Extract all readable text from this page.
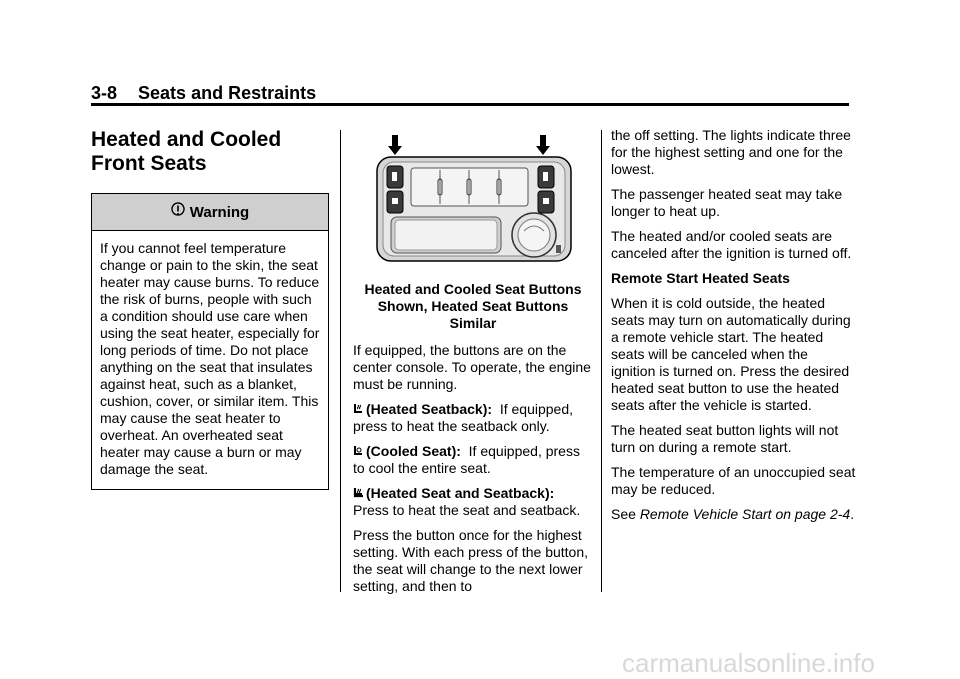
3-8 Seats and Restraints
Heated and Cooled Front Seats
Warning
If you cannot feel temperature change or pain to the skin, the seat heater may cause burns. To reduce the risk of burns, people with such a condition should use care when using the seat heater, especially for long periods of time. Do not place anything on the seat that insulates against heat, such as a blanket, cushion, cover, or similar item. This may cause the seat heater to overheat. An overheated seat heater may cause a burn or may damage the seat.
Heated and Cooled Seat Buttons Shown, Heated Seat Buttons Similar

If equipped, the buttons are on the center console. To operate, the engine must be running.

(Heated Seatback): If equipped, press to heat the seatback only.

(Cooled Seat): If equipped, press to cool the entire seat.

(Heated Seat and Seatback): Press to heat the seat and seatback.

Press the button once for the highest setting. With each press of the button, the seat will change to the next lower setting, and then to

the off setting. The lights indicate three for the highest setting and one for the lowest.

The passenger heated seat may take longer to heat up.

The heated and/or cooled seats are canceled after the ignition is turned off.

Remote Start Heated Seats

When it is cold outside, the heated seats may turn on automatically during a remote vehicle start. The heated seats will be canceled when the ignition is turned on. Press the desired heated seat button to use the heated seats after the vehicle is started.

The heated seat button lights will not turn on during a remote start.

The temperature of an unoccupied seat may be reduced.

See Remote Vehicle Start on page 2-4.

carmanualsonline.info
